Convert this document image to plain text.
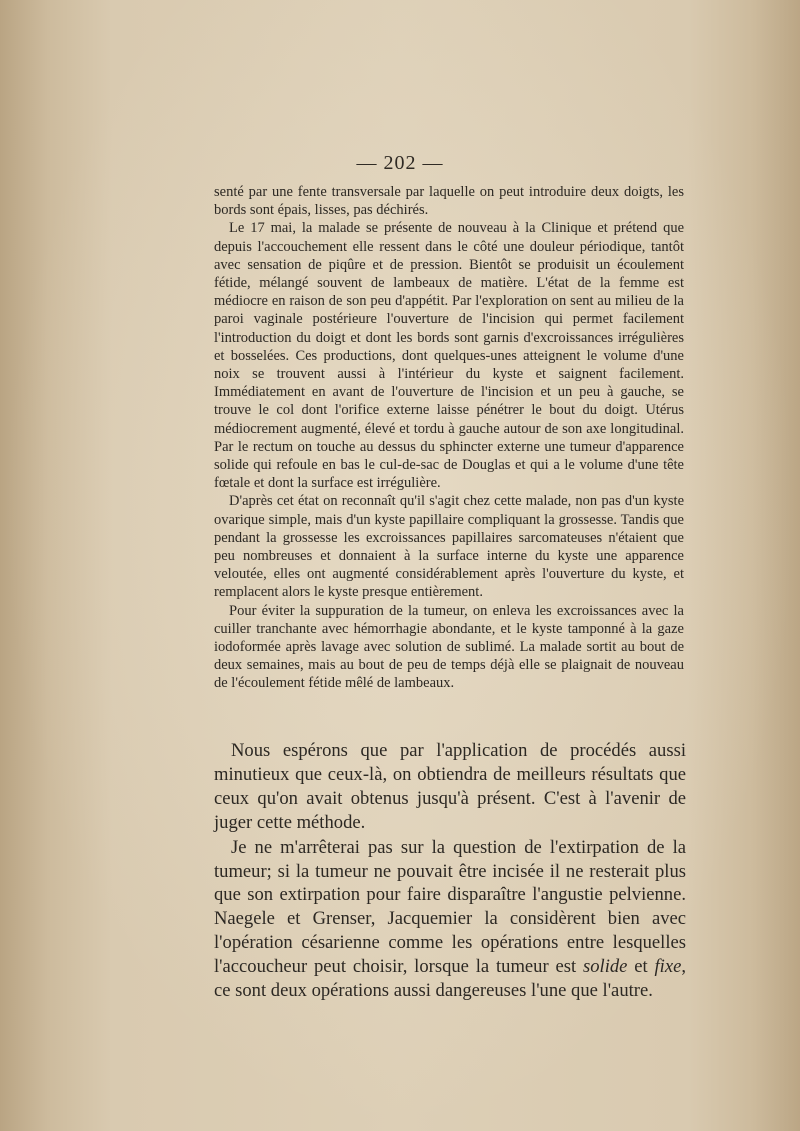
— 202 —

senté par une fente transversale par laquelle on peut introduire deux doigts, les bords sont épais, lisses, pas déchirés.

Le 17 mai, la malade se présente de nouveau à la Clinique et prétend que depuis l'accouchement elle ressent dans le côté une douleur périodique, tantôt avec sensation de piqûre et de pression. Bientôt se produisit un écoulement fétide, mélangé souvent de lambeaux de matière. L'état de la femme est médiocre en raison de son peu d'appétit. Par l'exploration on sent au milieu de la paroi vaginale postérieure l'ouverture de l'incision qui permet facilement l'introduction du doigt et dont les bords sont garnis d'excroissances irrégulières et bosselées. Ces productions, dont quelques-unes atteignent le volume d'une noix se trouvent aussi à l'intérieur du kyste et saignent facilement. Immédiatement en avant de l'ouverture de l'incision et un peu à gauche, se trouve le col dont l'orifice externe laisse pénétrer le bout du doigt. Utérus médiocrement augmenté, élevé et tordu à gauche autour de son axe longitudinal. Par le rectum on touche au dessus du sphincter externe une tumeur d'apparence solide qui refoule en bas le cul-de-sac de Douglas et qui a le volume d'une tête fœtale et dont la surface est irrégulière.

D'après cet état on reconnaît qu'il s'agit chez cette malade, non pas d'un kyste ovarique simple, mais d'un kyste papillaire compliquant la grossesse. Tandis que pendant la grossesse les excroissances papillaires sarcomateuses n'étaient que peu nombreuses et donnaient à la surface interne du kyste une apparence veloutée, elles ont augmenté considérablement après l'ouverture du kyste, et remplacent alors le kyste presque entièrement.

Pour éviter la suppuration de la tumeur, on enleva les excroissances avec la cuiller tranchante avec hémorrhagie abondante, et le kyste tamponné à la gaze iodoformée après lavage avec solution de sublimé. La malade sortit au bout de deux semaines, mais au bout de peu de temps déjà elle se plaignait de nouveau de l'écoulement fétide mêlé de lambeaux.

Nous espérons que par l'application de procédés aussi minutieux que ceux-là, on obtiendra de meilleurs résultats que ceux qu'on avait obtenus jusqu'à présent. C'est à l'avenir de juger cette méthode.

Je ne m'arrêterai pas sur la question de l'extirpation de la tumeur; si la tumeur ne pouvait être incisée il ne resterait plus que son extirpation pour faire disparaître l'angustie pelvienne. Naegele et Grenser, Jacquemier la considèrent bien avec l'opération césarienne comme les opérations entre lesquelles l'accoucheur peut choisir, lorsque la tumeur est solide et fixe, ce sont deux opérations aussi dangereuses l'une que l'autre.
